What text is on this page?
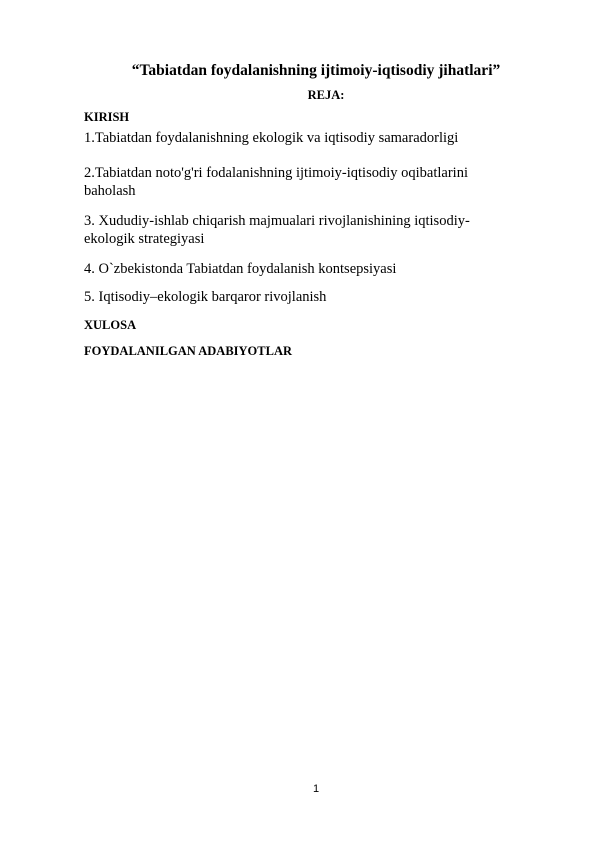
“Tabiatdan foydalanishning ijtimoiy-iqtisodiy jihatlari”
REJA:
KIRISH
1.Tabiatdan foydalanishning ekologik va iqtisodiy samaradorligi
2.Tabiatdan noto'g'ri fodalanishning ijtimoiy-iqtisodiy oqibatlarini baholash
3. Xududiy-ishlab chiqarish majmualari rivojlanishining iqtisodiy-ekologik strategiyasi
4. O`zbekistonda Tabiatdan foydalanish kontsepsiyasi
5. Iqtisodiy–ekologik barqaror rivojlanish
XULOSA
FOYDALANILGAN ADABIYOTLAR
1
